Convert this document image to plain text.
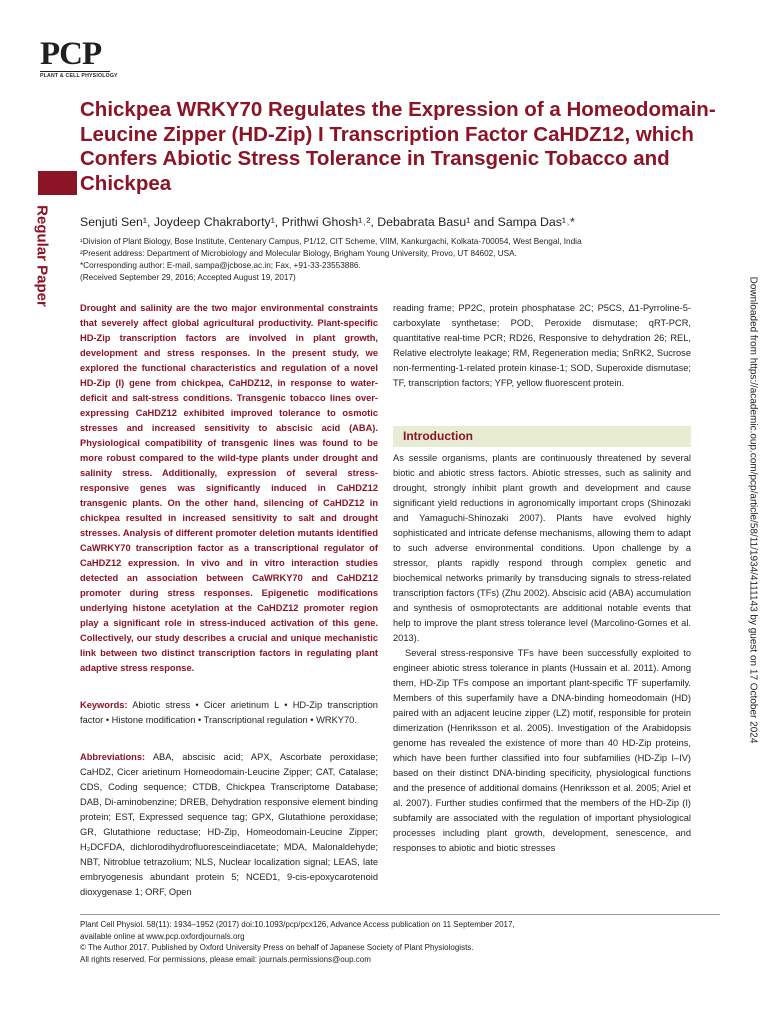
PCP
PLANT & CELL PHYSIOLOGY
Regular Paper
Downloaded from https://academic.oup.com/pcp/article/58/11/1934/4111143 by guest on 17 October 2024
Chickpea WRKY70 Regulates the Expression of a Homeodomain-Leucine Zipper (HD-Zip) I Transcription Factor CaHDZ12, which Confers Abiotic Stress Tolerance in Transgenic Tobacco and Chickpea
Senjuti Sen¹, Joydeep Chakraborty¹, Prithwi Ghosh¹˒², Debabrata Basu¹ and Sampa Das¹˒*
¹Division of Plant Biology, Bose Institute, Centenary Campus, P1/12, CIT Scheme, VIIM, Kankurgachi, Kolkata-700054, West Bengal, India
²Present address: Department of Microbiology and Molecular Biology, Brigham Young University, Provo, UT 84602, USA.
*Corresponding author: E-mail, sampa@jcbose.ac.in; Fax, +91-33-23553886.
(Received September 29, 2016; Accepted August 19, 2017)

Drought and salinity are the two major environmental constraints that severely affect global agricultural productivity. Plant-specific HD-Zip transcription factors are involved in plant growth, development and stress responses. In the present study, we explored the functional characteristics and regulation of a novel HD-Zip (I) gene from chickpea, CaHDZ12, in response to water-deficit and salt-stress conditions. Transgenic tobacco lines over-expressing CaHDZ12 exhibited improved tolerance to osmotic stresses and increased sensitivity to abscisic acid (ABA). Physiological compatibility of transgenic lines was found to be more robust compared to the wild-type plants under drought and salinity stress. Additionally, expression of several stress-responsive genes was significantly induced in CaHDZ12 transgenic plants. On the other hand, silencing of CaHDZ12 in chickpea resulted in increased sensitivity to salt and drought stresses. Analysis of different promoter deletion mutants identified CaWRKY70 transcription factor as a transcriptional regulator of CaHDZ12 expression. In vivo and in vitro interaction studies detected an association between CaWRKY70 and CaHDZ12 promoter during stress responses. Epigenetic modifications underlying histone acetylation at the CaHDZ12 promoter region play a significant role in stress-induced activation of this gene. Collectively, our study describes a crucial and unique mechanistic link between two distinct transcription factors in regulating plant adaptive stress response.

Keywords: Abiotic stress • Cicer arietinum L • HD-Zip transcription factor • Histone modification • Transcriptional regulation • WRKY70.

Abbreviations: ABA, abscisic acid; APX, Ascorbate peroxidase; CaHDZ, Cicer arietinum Homeodomain-Leucine Zipper; CAT, Catalase; CDS, Coding sequence; CTDB, Chickpea Transcriptome Database; DAB, Di-aminobenzine; DREB, Dehydration responsive element binding protein; EST, Expressed sequence tag; GPX, Glutathione peroxidase; GR, Glutathione reductase; HD-Zip, Homeodomain-Leucine Zipper; H₂DCFDA, dichlorodihydrofluoresceindiacetate; MDA, Malonaldehyde; NBT, Nitroblue tetrazolium; NLS, Nuclear localization signal; LEAS, late embryogenesis abundant protein 5; NCED1, 9-cis-epoxycarotenoid dioxygenase 1; ORF, Open

reading frame; PP2C, protein phosphatase 2C; P5CS, Δ1-Pyrroline-5-carboxylate synthetase; POD, Peroxide dismutase; qRT-PCR, quantitative real-time PCR; RD26, Responsive to dehydration 26; REL, Relative electrolyte leakage; RM, Regeneration media; SnRK2, Sucrose non-fermenting-1-related protein kinase-1; SOD, Superoxide dismutase; TF, transcription factors; YFP, yellow fluorescent protein.

Introduction

As sessile organisms, plants are continuously threatened by several biotic and abiotic stress factors. Abiotic stresses, such as salinity and drought, strongly inhibit plant growth and development and cause significant yield reductions in agronomically important crops (Shinozaki and Yamaguchi-Shinozaki 2007). Plants have evolved highly sophisticated and intricate defense mechanisms, allowing them to adapt to such adverse environmental conditions. Upon challenge by a stressor, plants rapidly respond through complex genetic and biochemical networks primarily by transducing signals to stress-related transcription factors (TFs) (Zhu 2002). Abscisic acid (ABA) accumulation and synthesis of osmoprotectants are additional notable events that help to improve the plant stress tolerance level (Marcolino-Gomes et al. 2013).

Several stress-responsive TFs have been successfully exploited to engineer abiotic stress tolerance in plants (Hussain et al. 2011). Among them, HD-Zip TFs compose an important plant-specific TF superfamily. Members of this superfamily have a DNA-binding homeodomain (HD) paired with an adjacent leucine zipper (LZ) motif, responsible for protein dimerization (Henriksson et al. 2005). Investigation of the Arabidopsis genome has revealed the existence of more than 40 HD-Zip proteins, which have been further classified into four subfamilies (HD-Zip I–IV) based on their distinct DNA-binding specificity, physiological functions and the presence of additional domains (Henriksson et al. 2005; Ariel et al. 2007). Further studies confirmed that the members of the HD-Zip (I) subfamily are associated with the regulation of important physiological processes including plant growth, development, senescence, and responses to abiotic and biotic stresses

Plant Cell Physiol. 58(11): 1934–1952 (2017) doi:10.1093/pcp/pcx126, Advance Access publication on 11 September 2017,
available online at www.pcp.oxfordjournals.org
© The Author 2017. Published by Oxford University Press on behalf of Japanese Society of Plant Physiologists.
All rights reserved. For permissions, please email: journals.permissions@oup.com
